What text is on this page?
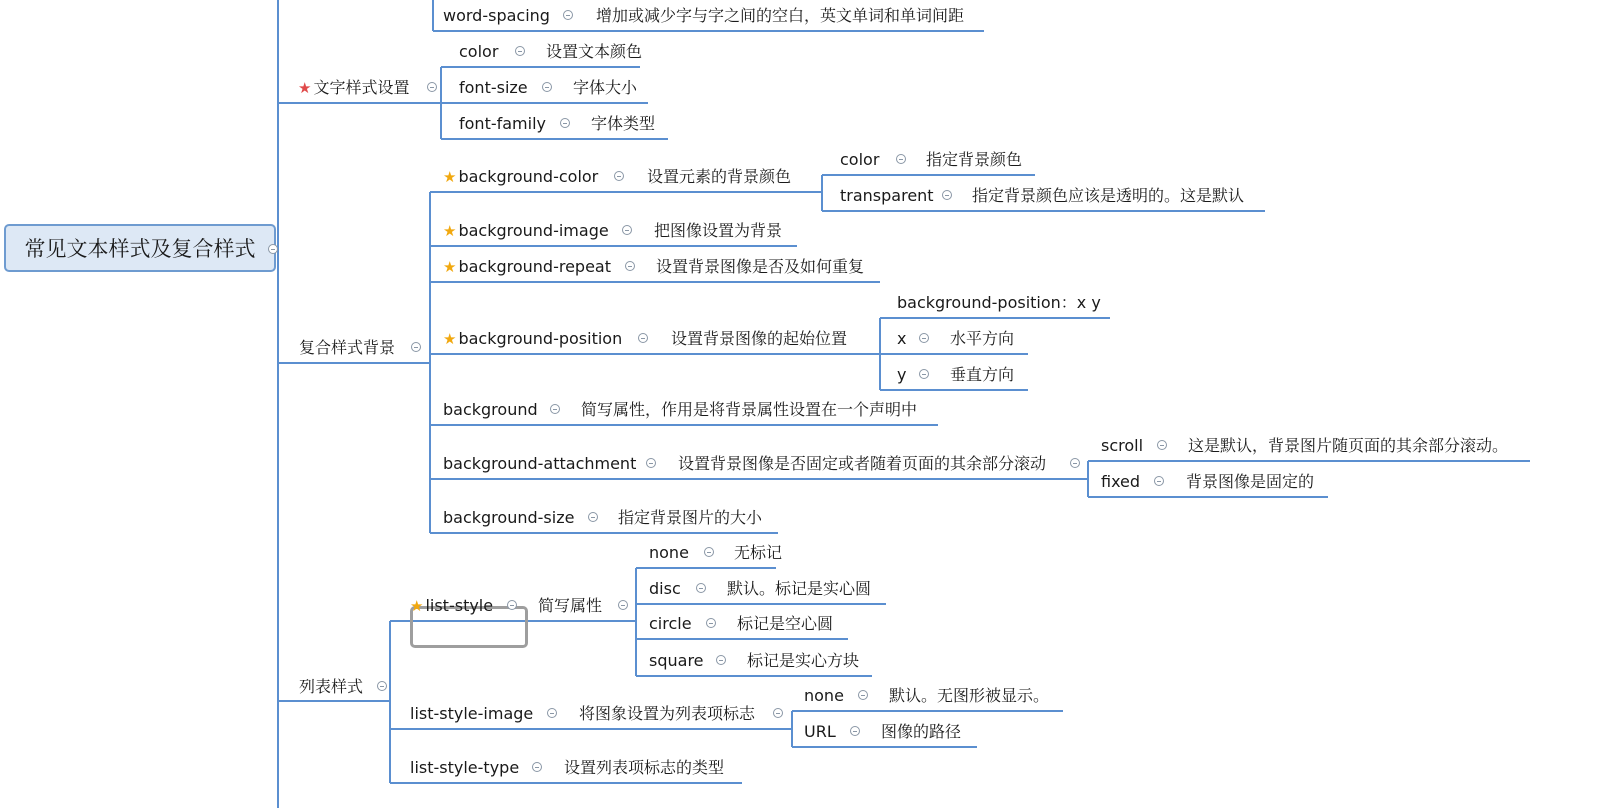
常见文本样式及复合样式
word-spacing	增加或减少字与字之间的空白，英文单词和单词间距
★ 文字样式设置
color	设置文本颜色
font-size	字体大小
font-family	字体类型
复合样式背景
★ background-color	设置元素的背景颜色
color	指定背景颜色
transparent 指定背景颜色应该是透明的。这是默认
★ background-image	把图像设置为背景
★ background-repeat	设置背景图像是否及如何重复
★ background-position	设置背景图像的起始位置
background-position：x y
x	水平方向
y	垂直方向
background	简写属性，作用是将背景属性设置在一个声明中
background-attachment	设置背景图像是否固定或者随着页面的其余部分滚动
scroll	这是默认，背景图片随页面的其余部分滚动。
fixed	背景图像是固定的
background-size	指定背景图片的大小
列表样式
★ list-style	简写属性
none	无标记
disc	默认。标记是实心圆
circle	标记是空心圆
square	标记是实心方块
list-style-image	将图象设置为列表项标志
none	默认。无图形被显示。
URL	图像的路径
list-style-type	设置列表项标志的类型
